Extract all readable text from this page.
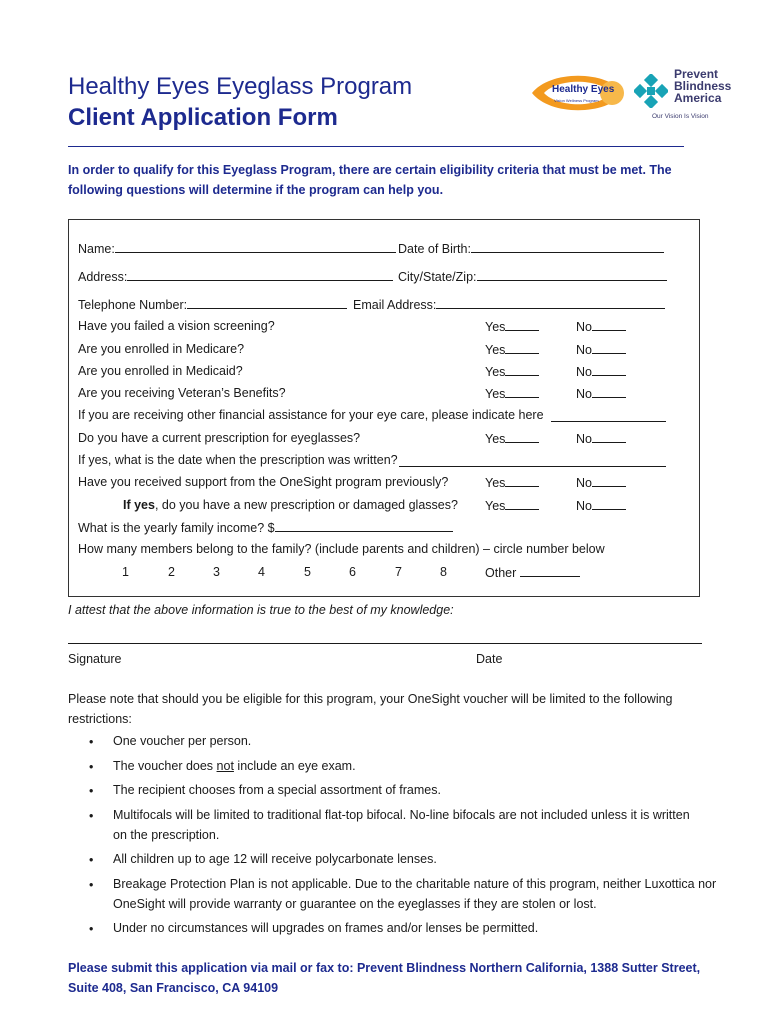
Healthy Eyes Eyeglass Program
Client Application Form
Healthy Eyes
Vision Wellness Program
Prevent
Blindness
America
Our Vision Is Vision
In order to qualify for this Eyeglass Program, there are certain eligibility criteria that must be met. The following questions will determine if the program can help you.
Name:	Date of Birth:
Address:	City/State/Zip:
Telephone Number:	Email Address:
Have you failed a vision screening?	Yes	No
Are you enrolled in Medicare?	Yes	No
Are you enrolled in Medicaid?	Yes	No
Are you receiving Veteran’s Benefits?	Yes	No
If you are receiving other financial assistance for your eye care, please indicate here
Do you have a current prescription for eyeglasses?	Yes	No
If yes, what is the date when the prescription was written?
Have you received support from the OneSight program previously?	Yes	No
If yes, do you have a new prescription or damaged glasses? Yes	No
What is the yearly family income? $
How many members belong to the family? (include parents and children) – circle number below
1	2	3	4	5	6	7	8	Other
I attest that the above information is true to the best of my knowledge:
Signature	Date
Please note that should you be eligible for this program, your OneSight voucher will be limited to the following restrictions:
• One voucher per person.
• The voucher does not include an eye exam.
• The recipient chooses from a special assortment of frames.
• Multifocals will be limited to traditional flat-top bifocal. No-line bifocals are not included unless it is written on the prescription.
• All children up to age 12 will receive polycarbonate lenses.
• Breakage Protection Plan is not applicable. Due to the charitable nature of this program, neither Luxottica nor OneSight will provide warranty or guarantee on the eyeglasses if they are stolen or lost.
• Under no circumstances will upgrades on frames and/or lenses be permitted.
Please submit this application via mail or fax to: Prevent Blindness Northern California, 1388 Sutter Street, Suite 408, San Francisco, CA 94109
